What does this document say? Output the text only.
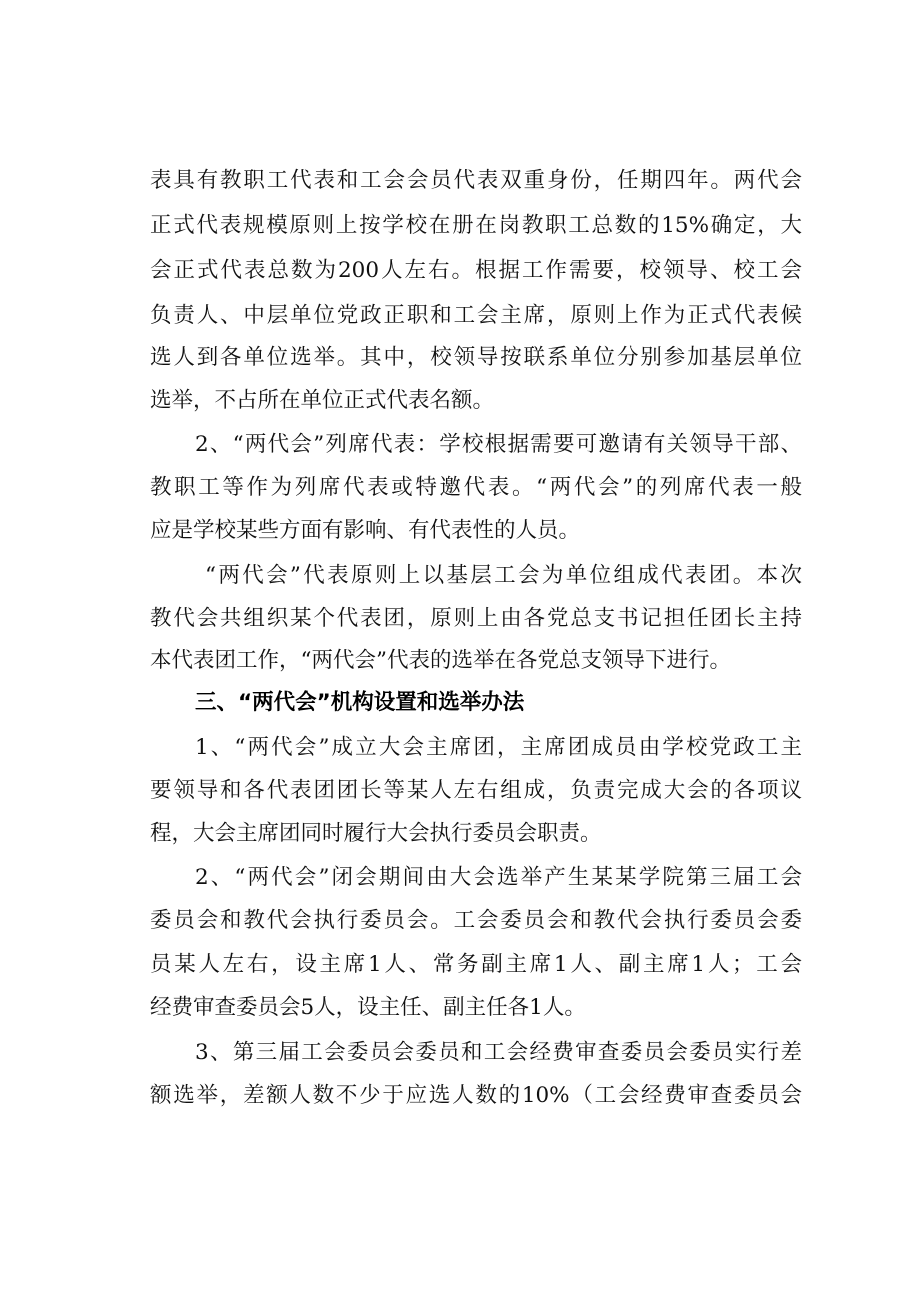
表具有教职工代表和工会会员代表双重身份，任期四年。两代会
正式代表规模原则上按学校在册在岗教职工总数的15%确定，大
会正式代表总数为200人左右。根据工作需要，校领导、校工会
负责人、中层单位党政正职和工会主席，原则上作为正式代表候
选人到各单位选举。其中，校领导按联系单位分别参加基层单位
选举，不占所在单位正式代表名额。
2、“两代会”列席代表：学校根据需要可邀请有关领导干部、
教职工等作为列席代表或特邀代表。“两代会”的列席代表一般
应是学校某些方面有影响、有代表性的人员。
“两代会”代表原则上以基层工会为单位组成代表团。本次
教代会共组织某个代表团，原则上由各党总支书记担任团长主持
本代表团工作，“两代会”代表的选举在各党总支领导下进行。
三、“两代会”机构设置和选举办法
1、“两代会”成立大会主席团，主席团成员由学校党政工主
要领导和各代表团团长等某人左右组成，负责完成大会的各项议
程，大会主席团同时履行大会执行委员会职责。
2、“两代会”闭会期间由大会选举产生某某学院第三届工会
委员会和教代会执行委员会。工会委员会和教代会执行委员会委
员某人左右，设主席1人、常务副主席1人、副主席1人；工会
经费审查委员会5人，设主任、副主任各1人。
3、第三届工会委员会委员和工会经费审查委员会委员实行差
额选举，差额人数不少于应选人数的10%（工会经费审查委员会
